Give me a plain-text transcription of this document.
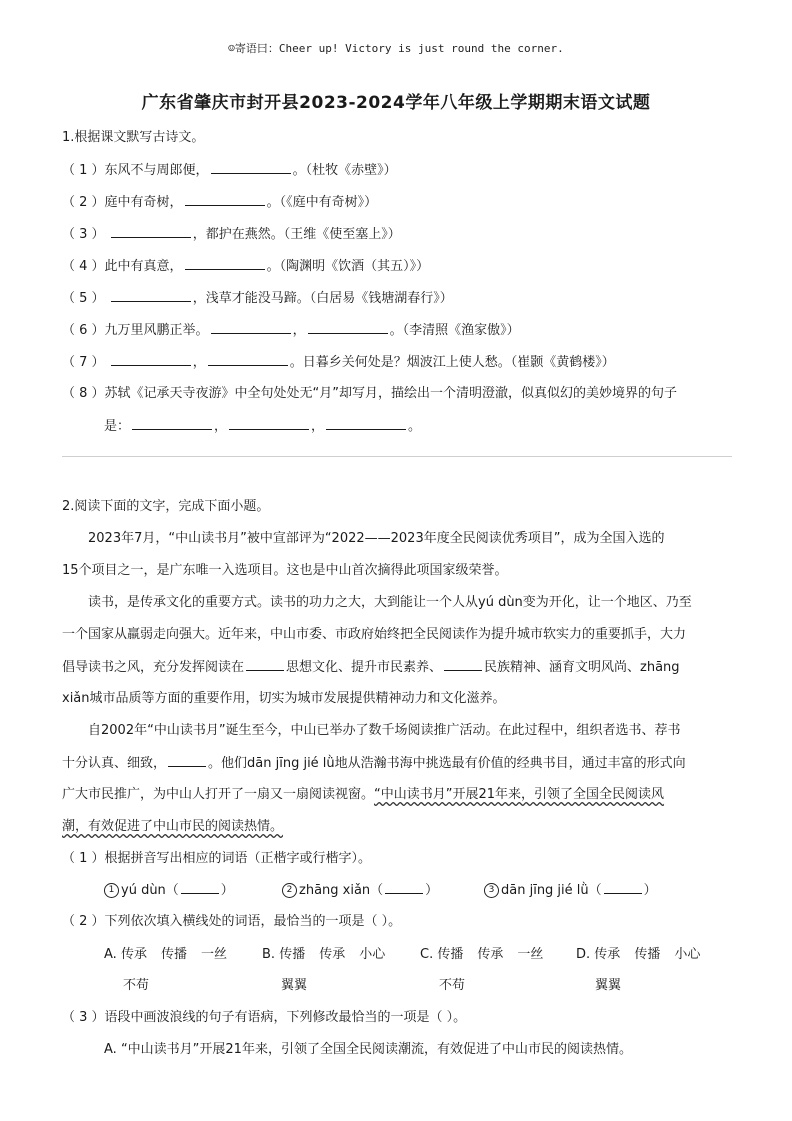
☺寄语曰：Cheer up! Victory is just round the corner.
广东省肇庆市封开县2023-2024学年八年级上学期期末语文试题
1.根据课文默写古诗文。
（ 1 ）东风不与周郎便，	。（杜牧《赤壁》）
（ 2 ）庭中有奇树，	。（《庭中有奇树》）
（ 3 ）	，都护在燕然。（王维《使至塞上》）
（ 4 ）此中有真意，	。（陶渊明《饮酒（其五）》）
（ 5 ）	，浅草才能没马蹄。（白居易《钱塘湖春行》）
（ 6 ）九万里风鹏正举。	，	。（李清照《渔家傲》）
（ 7 ）	，	。日暮乡关何处是？烟波江上使人愁。（崔颢《黄鹤楼》）
（ 8 ）苏轼《记承天寺夜游》中全句处处无“月”却写月，描绘出一个清明澄澈，似真似幻的美妙境界的句子
是：	，	，	。
2.阅读下面的文字，完成下面小题。
2023年7月，“中山读书月”被中宣部评为“2022——2023年度全民阅读优秀项目”，成为全国入选的
15个项目之一，是广东唯一入选项目。这也是中山首次摘得此项国家级荣誉。
读书，是传承文化的重要方式。读书的功力之大，大到能让一个人从yú dùn变为开化，让一个地区、乃至
一个国家从羸弱走向强大。近年来，中山市委、市政府始终把全民阅读作为提升城市软实力的重要抓手，大力
倡导读书之风，充分发挥阅读在	思想文化、提升市民素养、	民族精神、涵育文明风尚、zhāng
xiǎn城市品质等方面的重要作用，切实为城市发展提供精神动力和文化滋养。
自2002年“中山读书月”诞生至今，中山已举办了数千场阅读推广活动。在此过程中，组织者选书、荐书
十分认真、细致，	。他们dān jīng jié lǜ地从浩瀚书海中挑选最有价值的经典书目，通过丰富的形式向
广大市民推广，为中山人打开了一扇又一扇阅读视窗。“中山读书月”开展21年来，引领了全国全民阅读风
潮，有效促进了中山市民的阅读热情。
（ 1 ）根据拼音写出相应的词语（正楷字或行楷字）。
1 yú dùn（	）	2 zhāng xiǎn（	）	3 dān jīng jié lǜ（	）
（ 2 ）下列依次填入横线处的词语，最恰当的一项是（ ）。
A. 传承 传播 一丝
不苟
B. 传播 传承 小心
翼翼
C. 传播 传承 一丝
不苟
D. 传承 传播 小心
翼翼
（ 3 ）语段中画波浪线的句子有语病，下列修改最恰当的一项是（ ）。
A. “中山读书月”开展21年来，引领了全国全民阅读潮流，有效促进了中山市民的阅读热情。
